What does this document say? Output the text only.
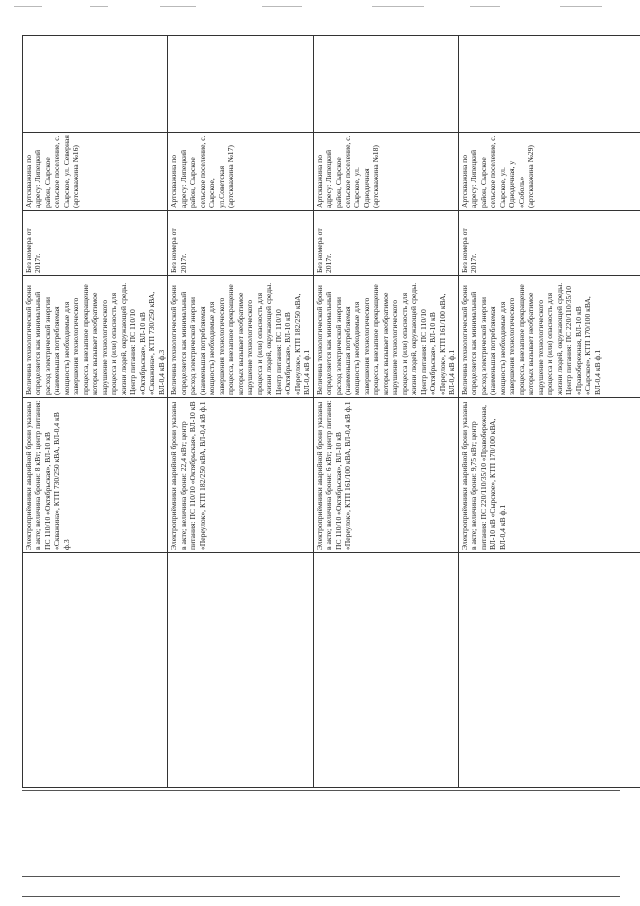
	Электроприёмники аварийной брони указаны в акте; величина брони: 8 кВт; центр питания: ПС 110/10 «Октябрьская», ВЛ-10 кВ «Скважина», КТП 730/250 кВА, ВЛ-0,4 кВ ф.3	Величина технологической брони определяется как минимальный расход электрической энергии (наименьшая потребляемая мощность) необходимые для завершения технологического процесса, внезапное прекращение которых вызывает необратимое нарушение технологического процесса и (или) опасность для жизни людей, окружающей среды. Центр питания: ПС 110/10 «Октябрьская», ВЛ-10 кВ «Скважина», КТП 730/250 кВА, ВЛ-0,4 кВ ф.3	Без номера от 2017г.	Артскважина по адресу: Липецкий район, Сырское сельское поселение, с. Сырское, ул. Северная (артскважина №16)	
	Электроприёмники аварийной брони указаны в акте; величина брони: 22,4 кВт; центр питания: ПС 110/10 «Октябрьская», ВЛ-10 кВ «Переулок», КТП 182/250 кВА, ВЛ-0,4 кВ ф.1	Величина технологической брони определяется как минимальный расход электрической энергии (наименьшая потребляемая мощность) необходимые для завершения технологического процесса, внезапное прекращение которых вызывает необратимое нарушение технологического процесса и (или) опасность для жизни людей, окружающей среды. Центр питания: ПС 110/10 «Октябрьская», ВЛ-10 кВ «Переулок», КТП 182/250 кВА, ВЛ-0,4 кВ ф.1	Без номера от 2017г.	Артскважина по адресу: Липецкий район, Сырское сельское поселение, с. Сырское, ул.Советская (артскважина №17)	
	Электроприёмники аварийной брони указаны в акте; величина брони: 6 кВт; центр питания: ПС 110/10 «Октябрьская», ВЛ-10 кВ «Переулок», КТП 161/100 кВА, ВЛ-0,4 кВ ф.1	Величина технологической брони определяется как минимальный расход электрической энергии (наименьшая потребляемая мощность) необходимые для завершения технологического процесса, внезапное прекращение которых вызывает необратимое нарушение технологического процесса и (или) опасность для жизни людей, окружающей среды. Центр питания: ПС 110/10 «Октябрьская», ВЛ-10 кВ «Переулок», КТП 161/100 кВА, ВЛ-0,4 кВ ф.1	Без номера от 2017г.	Артскважина по адресу: Липецкий район, Сырское сельское поселение, с. Сырское, ул. Однодичная (артскважина №18)	
	Электроприёмники аварийной брони указаны в акте; величина брони: 9,75 кВт; центр питания: ПС 220/110/35/10 «Правобережная, ВЛ-10 кВ «Сырское», КТП 170/100 кВА, ВЛ-0,4 кВ ф.1	Величина технологической брони определяется как минимальный расход электрической энергии (наименьшая потребляемая мощность) необходимые для завершения технологического процесса, внезапное прекращение которых вызывает необратимое нарушение технологического процесса и (или) опасность для жизни людей, окружающей среды. Центр питания: ПС 220/110/35/10 «Правобережная, ВЛ-10 кВ «Сырское», КТП 170/100 кВА, ВЛ-0,4 кВ ф.1	Без номера от 2017г.	Артскважина по адресу: Липецкий район, Сырское сельское поселение, с. Сырское, ул. Однодичная, у «Соболь» (артскважина №29)	
